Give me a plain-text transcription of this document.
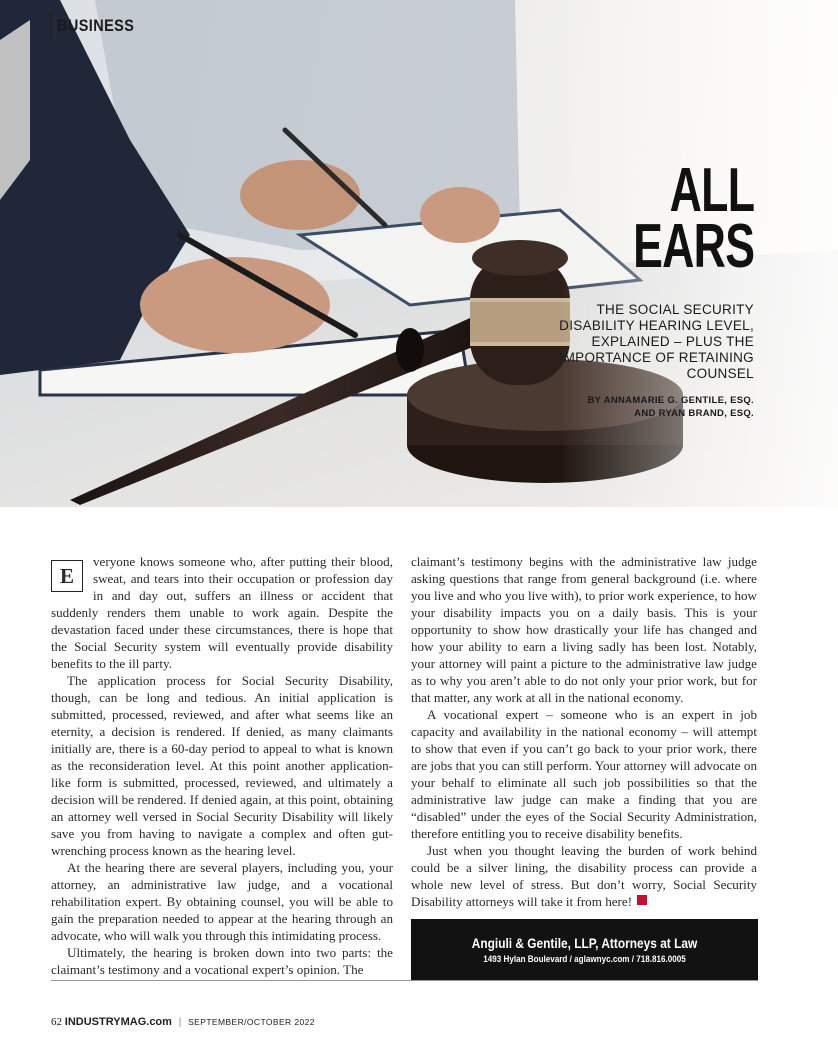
BUSINESS
ALL
EARS
THE SOCIAL SECURITY DISABILITY HEARING LEVEL, EXPLAINED – PLUS THE IMPORTANCE OF RETAINING COUNSEL
BY ANNAMARIE G. GENTILE, ESQ.
AND RYAN BRAND, ESQ.

E
veryone knows someone who, after putting their blood, sweat, and tears into their occupation or profession day in and day out, suffers an illness or accident that suddenly renders them unable to work again. Despite the devastation faced under these circumstances, there is hope that the Social Security system will eventually provide disability benefits to the ill party.

The application process for Social Security Disability, though, can be long and tedious. An initial application is submitted, processed, reviewed, and after what seems like an eternity, a decision is rendered. If denied, as many claimants initially are, there is a 60-day period to appeal to what is known as the reconsideration level. At this point another application-like form is submitted, processed, reviewed, and ultimately a decision will be rendered. If denied again, at this point, obtaining an attorney well versed in Social Security Disability will likely save you from having to navigate a complex and often gut-wrenching process known as the hearing level.

At the hearing there are several players, including you, your attorney, an administrative law judge, and a vocational rehabilitation expert. By obtaining counsel, you will be able to gain the preparation needed to appear at the hearing through an advocate, who will walk you through this intimidating process.

Ultimately, the hearing is broken down into two parts: the claimant’s testimony and a vocational expert’s opinion. The

claimant’s testimony begins with the administrative law judge asking questions that range from general background (i.e. where you live and who you live with), to prior work experience, to how your disability impacts you on a daily basis. This is your opportunity to show how drastically your life has changed and how your ability to earn a living sadly has been lost. Notably, your attorney will paint a picture to the administrative law judge as to why you aren’t able to do not only your prior work, but for that matter, any work at all in the national economy.

A vocational expert – someone who is an expert in job capacity and availability in the national economy – will attempt to show that even if you can’t go back to your prior work, there are jobs that you can still perform. Your attorney will advocate on your behalf to eliminate all such job possibilities so that the administrative law judge can make a finding that you are “disabled” under the eyes of the Social Security Administration, therefore entitling you to receive disability benefits.

Just when you thought leaving the burden of work behind could be a silver lining, the disability process can provide a whole new level of stress. But don’t worry, Social Security Disability attorneys will take it from here! I

Angiuli & Gentile, LLP, Attorneys at Law
1493 Hylan Boulevard / aglawnyc.com / 718.816.0005
62 INDUSTRYMAG.com | SEPTEMBER/OCTOBER 2022
